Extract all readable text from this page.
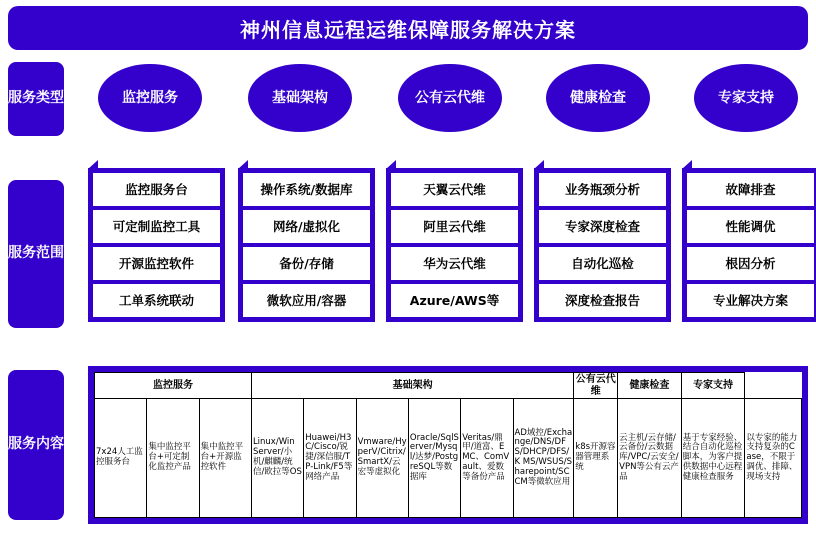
神州信息远程运维保障服务解决方案
服务类型
服务范围
服务内容
监控服务	基础架构	公有云代维	健康检查	专家支持
监控服务台
可定制监控工具
开源监控软件
工单系统联动
操作系统/数据库
网络/虚拟化
备份/存储
微软应用/容器
天翼云代维
阿里云代维
华为云代维
Azure/AWS等
业务瓶颈分析
专家深度检查
自动化巡检
深度检查报告
故障排查
性能调优
根因分析
专业解决方案
监控服务			基础架构						公有云代维	健康检查	专家支持	
7x24人工监控服务台	集中监控平台+可定制化监控产品	集中监控平台+开源监控软件	Linux/Win Server/小机/麒麟/统信/欧拉等OS	Huawei/H3C/Cisco/锐捷/深信服/TP-Link/F5等网络产品	Vmware/HyperV/Citrix/SmartX/云宏等虚拟化	Oracle/SqlServer/Mysql/达梦/PostgreSQL等数据库	Veritas/鼎甲/道富、EMC、ComVault、爱数等备份产品	AD域控/Exchange/DNS/DFS/DHCP/DFS/K MS/WSUS/Sharepoint/SCCM等微软应用	k8s开源容器管理系统	云主机/云存储/云备份/云数据库/VPC/云安全/VPN等公有云产品	基于专家经验、结合自动化巡检脚本，为客户提供数据中心远程健康检查服务	以专家的能力支持复杂的Case，不限于调优、排障、现场支持
